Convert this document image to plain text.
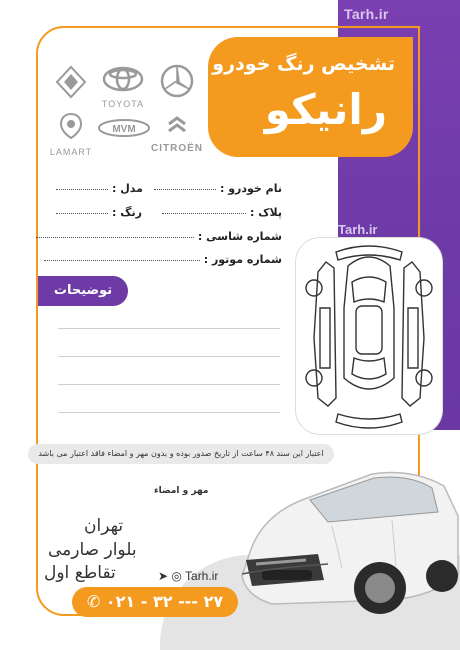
Tarh.ir
Tarh.ir
تشخیص رنگ خودرو
رانیکو
TOYOTA
LAMART
MVM
CITROËN
نام خودرو :
مدل :
پلاک :
رنگ :
شماره شاسی :
شماره موتور :
توضیحات
اعتبار این سند ۴۸ ساعت از تاریخ صدور بوده و بدون مهر و امضاء فاقد اعتبار می باشد
مهر و امضاء
تهران
بلوار صارمی
تقاطع اول	➤ ◎ Tarh.ir
✆ ۰۲۱ - ۳۲ --- ۲۷
